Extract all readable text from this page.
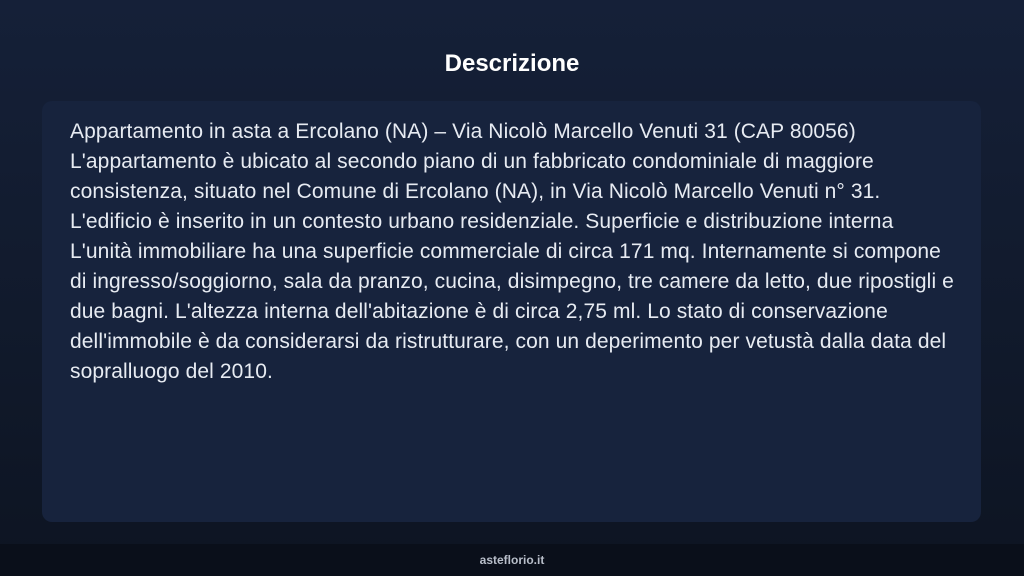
Descrizione

Appartamento in asta a Ercolano (NA) – Via Nicolò Marcello Venuti 31 (CAP 80056) L'appartamento è ubicato al secondo piano di un fabbricato condominiale di maggiore consistenza, situato nel Comune di Ercolano (NA), in Via Nicolò Marcello Venuti n° 31. L'edificio è inserito in un contesto urbano residenziale. Superficie e distribuzione interna L'unità immobiliare ha una superficie commerciale di circa 171 mq. Internamente si compone di ingresso/soggiorno, sala da pranzo, cucina, disimpegno, tre camere da letto, due ripostigli e due bagni. L'altezza interna dell'abitazione è di circa 2,75 ml. Lo stato di conservazione dell'immobile è da considerarsi da ristrutturare, con un deperimento per vetustà dalla data del sopralluogo del 2010.

asteflorio.it
